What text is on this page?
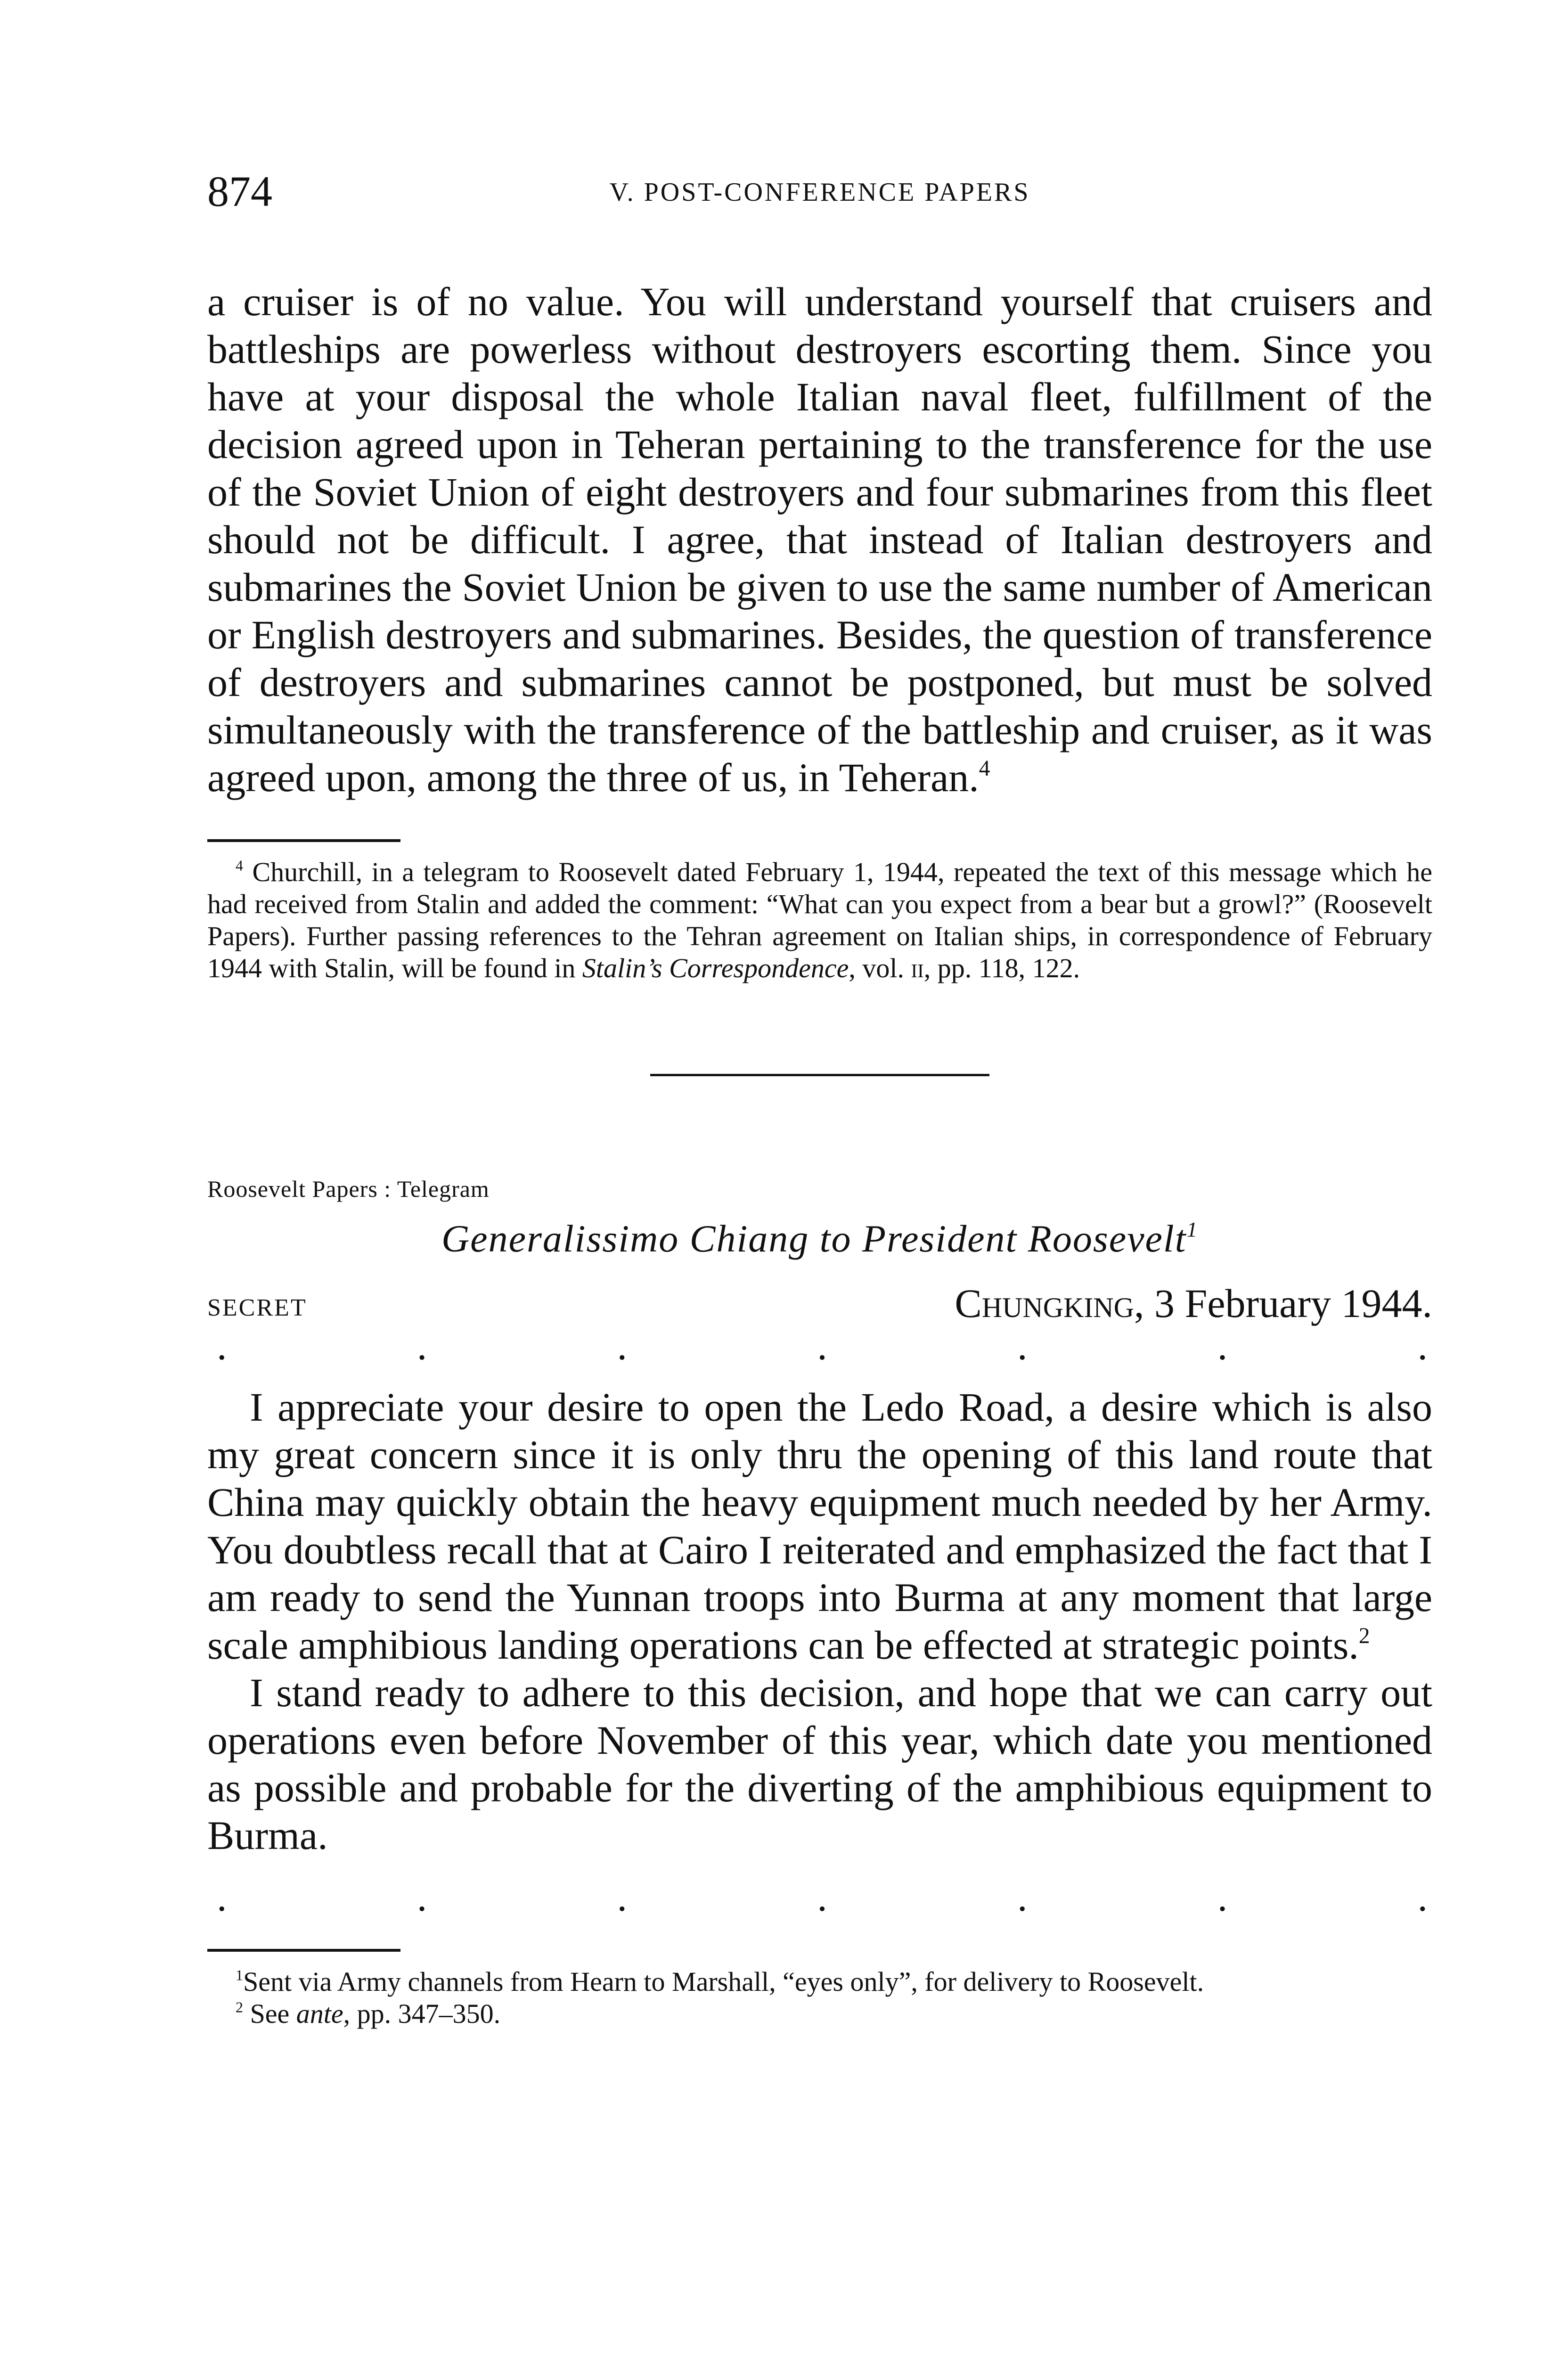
874	V. POST-CONFERENCE PAPERS

a cruiser is of no value. You will understand yourself that cruisers and battleships are powerless without destroyers escorting them. Since you have at your disposal the whole Italian naval fleet, fulfillment of the decision agreed upon in Teheran pertaining to the transference for the use of the Soviet Union of eight destroyers and four submarines from this fleet should not be difficult. I agree, that instead of Italian destroyers and submarines the Soviet Union be given to use the same number of American or English destroyers and submarines. Besides, the question of transference of destroyers and submarines cannot be postponed, but must be solved simultaneously with the transference of the battleship and cruiser, as it was agreed upon, among the three of us, in Teheran.$^4$

$^4$ Churchill, in a telegram to Roosevelt dated February 1, 1944, repeated the text of this message which he had received from Stalin and added the comment: “What can you expect from a bear but a growl?” (Roosevelt Papers). Further passing references to the Tehran agreement on Italian ships, in correspondence of February 1944 with Stalin, will be found in Stalin’s Correspondence, vol. ii, pp. 118, 122.

Roosevelt Papers : Telegram
Generalissimo Chiang to President Roosevelt$^1$
SECRET	Chungking, 3 February 1944.
.	.	.	.	.	.	.

I appreciate your desire to open the Ledo Road, a desire which is also my great concern since it is only thru the opening of this land route that China may quickly obtain the heavy equipment much needed by her Army. You doubtless recall that at Cairo I reiterated and emphasized the fact that I am ready to send the Yunnan troops into Burma at any moment that large scale amphibious landing operations can be effected at strategic points.$^2$

I stand ready to adhere to this decision, and hope that we can carry out operations even before November of this year, which date you mentioned as possible and probable for the diverting of the amphibious equipment to Burma.

.	.	.	.	.	.	.

$^1$Sent via Army channels from Hearn to Marshall, “eyes only”, for delivery to Roosevelt.

$^2$ See ante, pp. 347–350.
